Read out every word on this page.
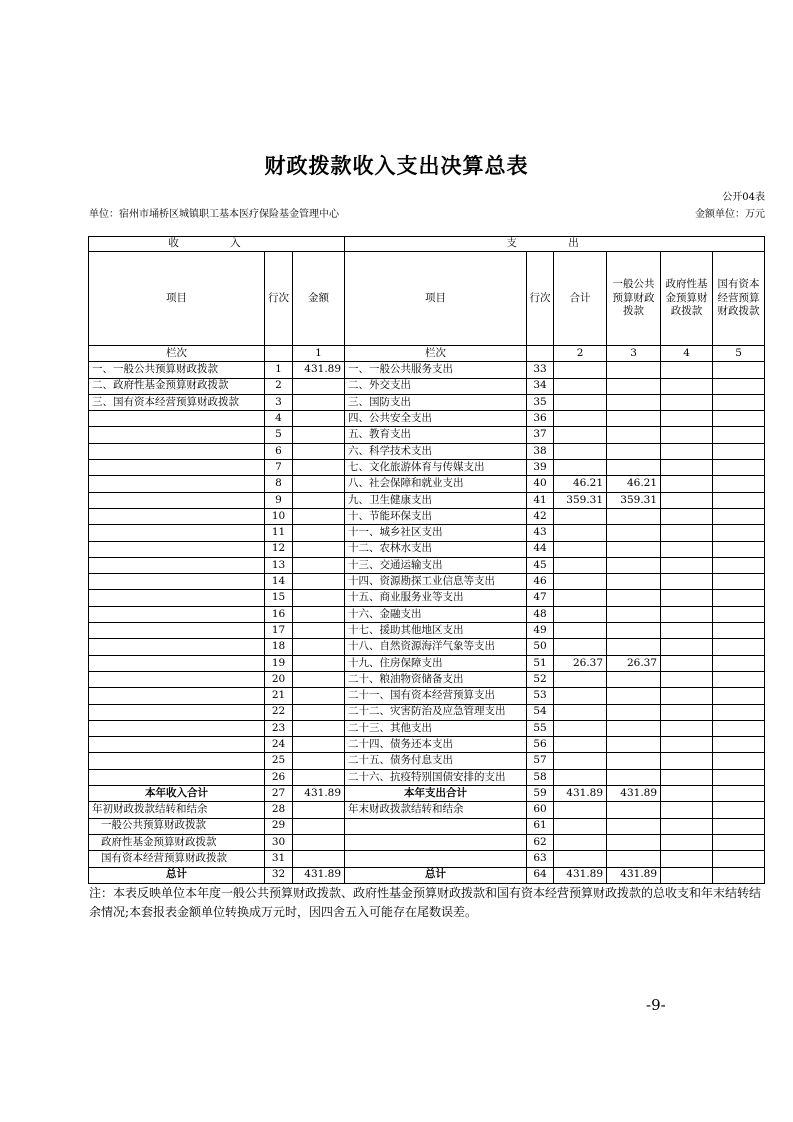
财政拨款收入支出决算总表
公开04表
单位：宿州市埇桥区城镇职工基本医疗保险基金管理中心	金额单位：万元
收 入			支 出					
项目	行次	金额	项目	行次	合计	一般公共预算财政拨款	政府性基金预算财政拨款	国有资本经营预算财政拨款
栏次		1	栏次		2	3	4	5
一、一般公共预算财政拨款	1	431.89	一、一般公共服务支出	33				
二、政府性基金预算财政拨款	2		二、外交支出	34				
三、国有资本经营预算财政拨款	3		三、国防支出	35				
	4		四、公共安全支出	36				
	5		五、教育支出	37				
	6		六、科学技术支出	38				
	7		七、文化旅游体育与传媒支出	39				
	8		八、社会保障和就业支出	40	46.21	46.21		
	9		九、卫生健康支出	41	359.31	359.31		
	10		十、节能环保支出	42				
	11		十一、城乡社区支出	43				
	12		十二、农林水支出	44				
	13		十三、交通运输支出	45				
	14		十四、资源勘探工业信息等支出	46				
	15		十五、商业服务业等支出	47				
	16		十六、金融支出	48				
	17		十七、援助其他地区支出	49				
	18		十八、自然资源海洋气象等支出	50				
	19		十九、住房保障支出	51	26.37	26.37		
	20		二十、粮油物资储备支出	52				
	21		二十一、国有资本经营预算支出	53				
	22		二十二、灾害防治及应急管理支出	54				
	23		二十三、其他支出	55				
	24		二十四、债务还本支出	56				
	25		二十五、债务付息支出	57				
	26		二十六、抗疫特别国债安排的支出	58				
本年收入合计	27	431.89	本年支出合计	59	431.89	431.89		
年初财政拨款结转和结余	28		年末财政拨款结转和结余	60				
一般公共预算财政拨款	29			61				
政府性基金预算财政拨款	30			62				
国有资本经营预算财政拨款	31			63				
总计	32	431.89	总计	64	431.89	431.89		
注：本表反映单位本年度一般公共预算财政拨款、政府性基金预算财政拨款和国有资本经营预算财政拨款的总收支和年末结转结余情况;本套报表金额单位转换成万元时，因四舍五入可能存在尾数误差。
-9-
